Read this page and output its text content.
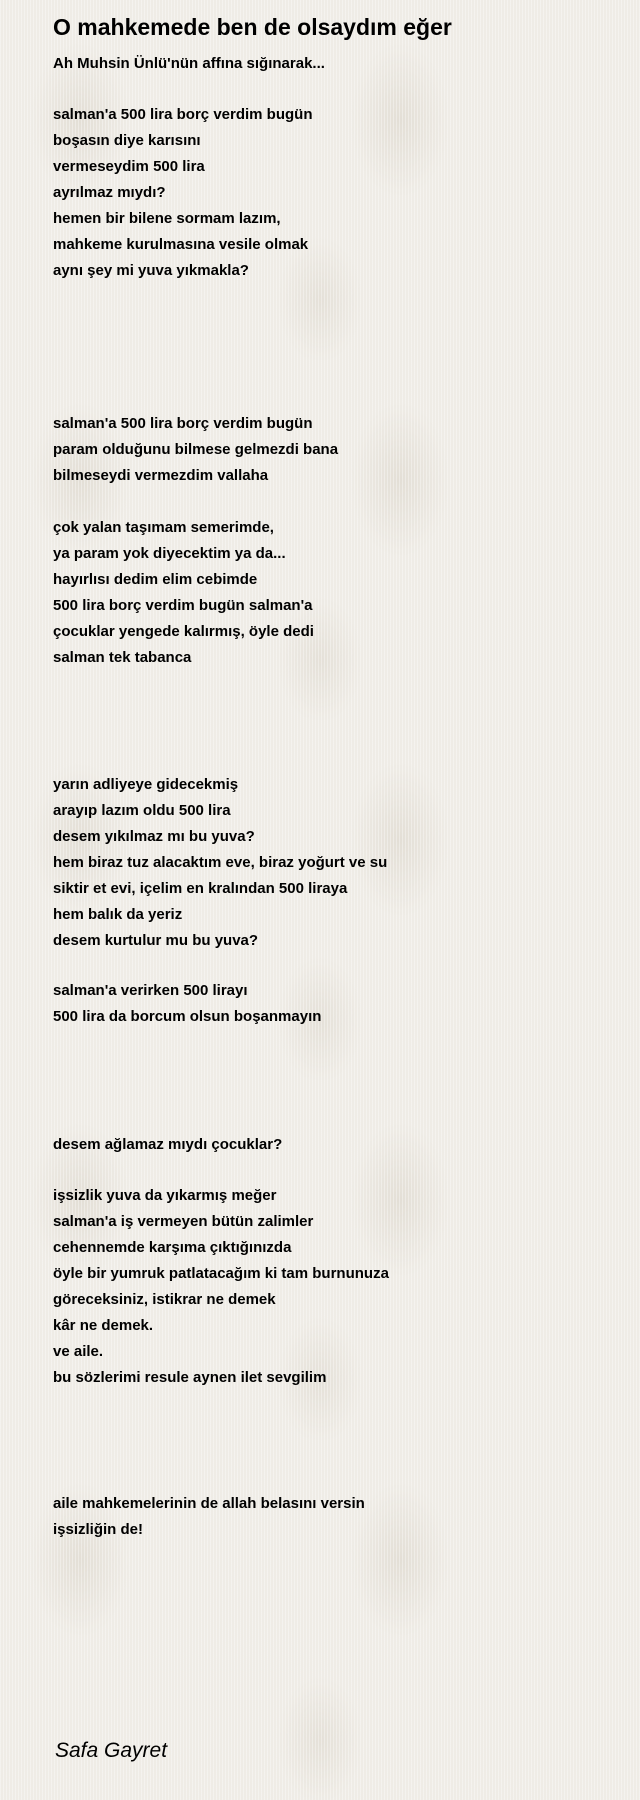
O mahkemede ben de olsaydım eğer

Ah Muhsin Ünlü'nün affına sığınarak...

salman'a 500 lira borç verdim bugün
boşasın diye karısını
vermeseydim 500 lira
ayrılmaz mıydı?
hemen bir bilene sormam lazım,
mahkeme kurulmasına vesile olmak
aynı şey mi yuva yıkmakla?
salman'a 500 lira borç verdim bugün
param olduğunu bilmese gelmezdi bana
bilmeseydi vermezdim vallaha
çok yalan taşımam semerimde,
ya param yok diyecektim ya da...
hayırlısı dedim elim cebimde
500 lira borç verdim bugün salman'a
çocuklar yengede kalırmış, öyle dedi
salman tek tabanca
yarın adliyeye gidecekmiş
arayıp lazım oldu 500 lira
desem yıkılmaz mı bu yuva?
hem biraz tuz alacaktım eve, biraz yoğurt ve su
siktir et evi, içelim en kralından 500 liraya
hem balık da yeriz
desem kurtulur mu bu yuva?
salman'a verirken 500 lirayı
500 lira da borcum olsun boşanmayın
desem ağlamaz mıydı çocuklar?
işsizlik yuva da yıkarmış meğer
salman'a iş vermeyen bütün zalimler
cehennemde karşıma çıktığınızda
öyle bir yumruk patlatacağım ki tam burnunuza
göreceksiniz, istikrar ne demek
kâr ne demek.
ve aile.
bu sözlerimi resule aynen ilet sevgilim
aile mahkemelerinin de allah belasını versin
işsizliğin de!

Safa Gayret
